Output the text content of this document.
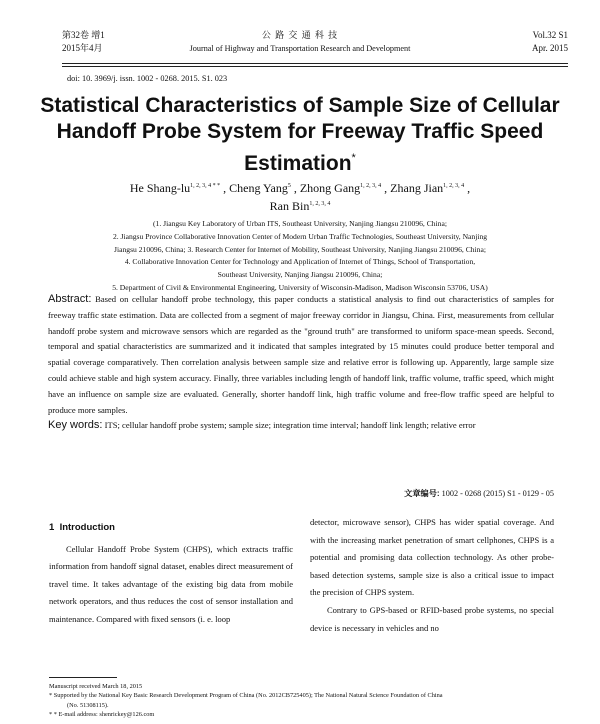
第32卷 增1
2015年4月
公 路 交 通 科 技
Journal of Highway and Transportation Research and Development
Vol.32 S1
Apr. 2015
doi: 10. 3969/j. issn. 1002 - 0268. 2015. S1. 023
Statistical Characteristics of Sample Size of Cellular Handoff Probe System for Freeway Traffic Speed Estimation*
He Shang-$lu^{1, 2, 3, 4 * *}$ , Cheng Yang$^5$ , Zhong Gang$^{1, 2, 3, 4}$ , Zhang Jian$^{1, 2, 3, 4}$ ,
Ran Bin$^{1, 2, 3, 4}$
(1. Jiangsu Key Laboratory of Urban ITS, Southeast University, Nanjing Jiangsu 210096, China;
2. Jiangsu Province Collaborative Innovation Center of Modern Urban Traffic Technologies, Southeast University, Nanjing
Jiangsu 210096, China; 3. Research Center for Internet of Mobility, Southeast University, Nanjing Jiangsu 210096, China;
4. Collaborative Innovation Center for Technology and Application of Internet of Things, School of Transportation,
Southeast University, Nanjing Jiangsu 210096, China;
5. Department of Civil & Environmental Engineering, University of Wisconsin-Madison, Madison Wisconsin 53706, USA)

Abstract: Based on cellular handoff probe technology, this paper conducts a statistical analysis to find out characteristics of samples for freeway traffic state estimation. Data are collected from a segment of major freeway corridor in Jiangsu, China. First, measurements from cellular handoff probe system and microwave sensors which are regarded as the "ground truth" are transformed to uniform space-mean speeds. Second, temporal and spatial characteristics are summarized and it indicated that samples integrated by 15 minutes could produce better temporal and spatial coverage comparatively. Then correlation analysis between sample size and relative error is following up. Apparently, large sample size could achieve stable and high system accuracy. Finally, three variables including length of handoff link, traffic volume, traffic speed, which might have an influence on sample size are evaluated. Generally, shorter handoff link, high traffic volume and free-flow traffic speed are helpful to produce more samples.

Key words: ITS; cellular handoff probe system; sample size; integration time interval; handoff link length; relative error

文章编号: 1002 - 0268 (2015) S1 - 0129 - 05
1 Introduction

Cellular Handoff Probe System (CHPS), which extracts traffic information from handoff signal dataset, enables direct measurement of travel time. It takes advantage of the existing big data from mobile network operators, and thus reduces the cost of sensor installation and maintenance. Compared with fixed sensors (i. e. loop

detector, microwave sensor), CHPS has wider spatial coverage. And with the increasing market penetration of smart cellphones, CHPS is a potential and promising data collection technology. As other probe-based detection systems, sample size is also a critical issue to impact the precision of CHPS system.

Contrary to GPS-based or RFID-based probe systems, no special device is necessary in vehicles and no

Manuscript received March 18, 2015
* Supported by the National Key Basic Research Development Program of China (No. 2012CB725405); The National Natural Science Foundation of China
(No. 51308115).
* * E-mail address: shenrickey@126.com
